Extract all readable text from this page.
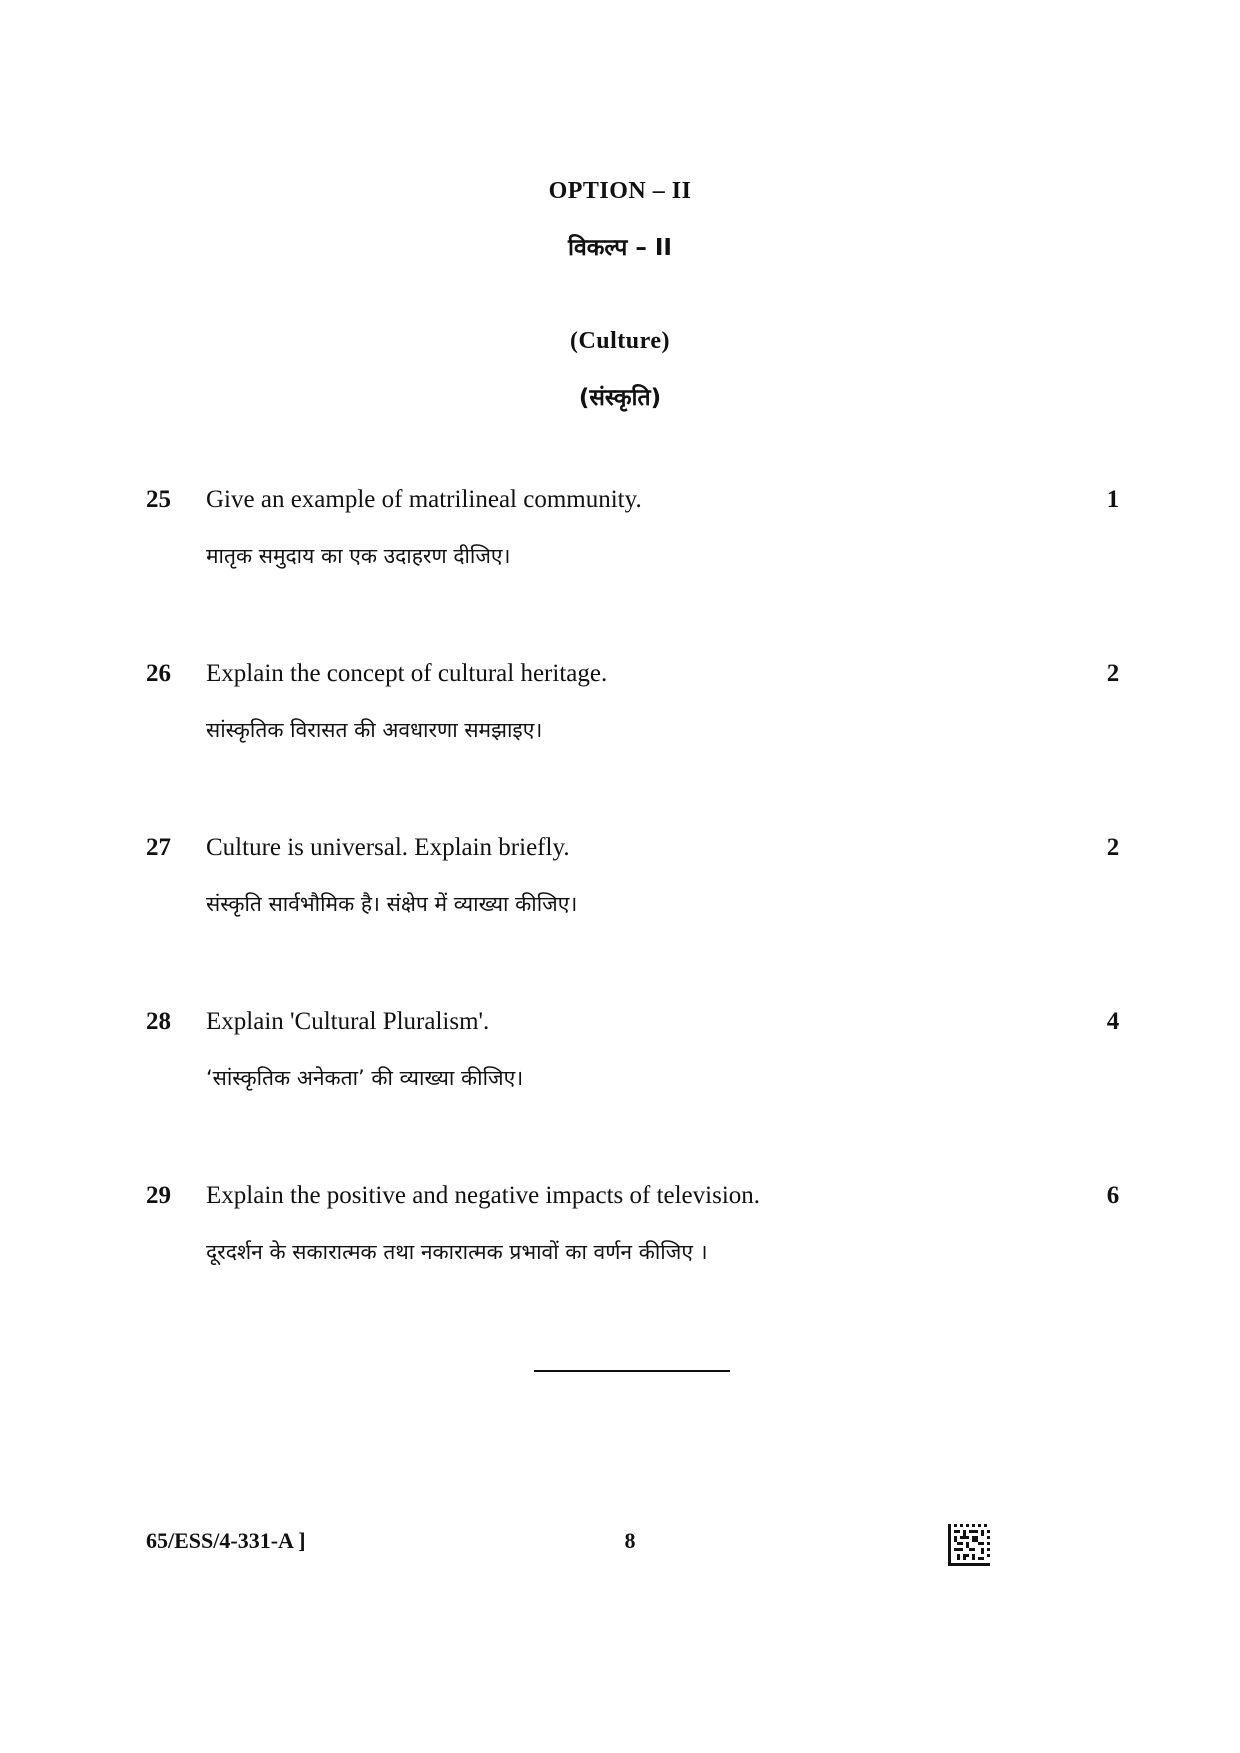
OPTION – II
विकल्प – II
(Culture)
(संस्कृति)
25 Give an example of matrilineal community.
मातृक समुदाय का एक उदाहरण दीजिए।
1
26 Explain the concept of cultural heritage.
सांस्कृतिक विरासत की अवधारणा समझाइए।
2
27 Culture is universal. Explain briefly.
संस्कृति सार्वभौमिक है। संक्षेप में व्याख्या कीजिए।
2
28 Explain 'Cultural Pluralism'.
‘सांस्कृतिक अनेकता’ की व्याख्या कीजिए।
4
29 Explain the positive and negative impacts of television.
दूरदर्शन के सकारात्मक तथा नकारात्मक प्रभावों का वर्णन कीजिए ।
6
65/ESS/4-331-A ]	8
